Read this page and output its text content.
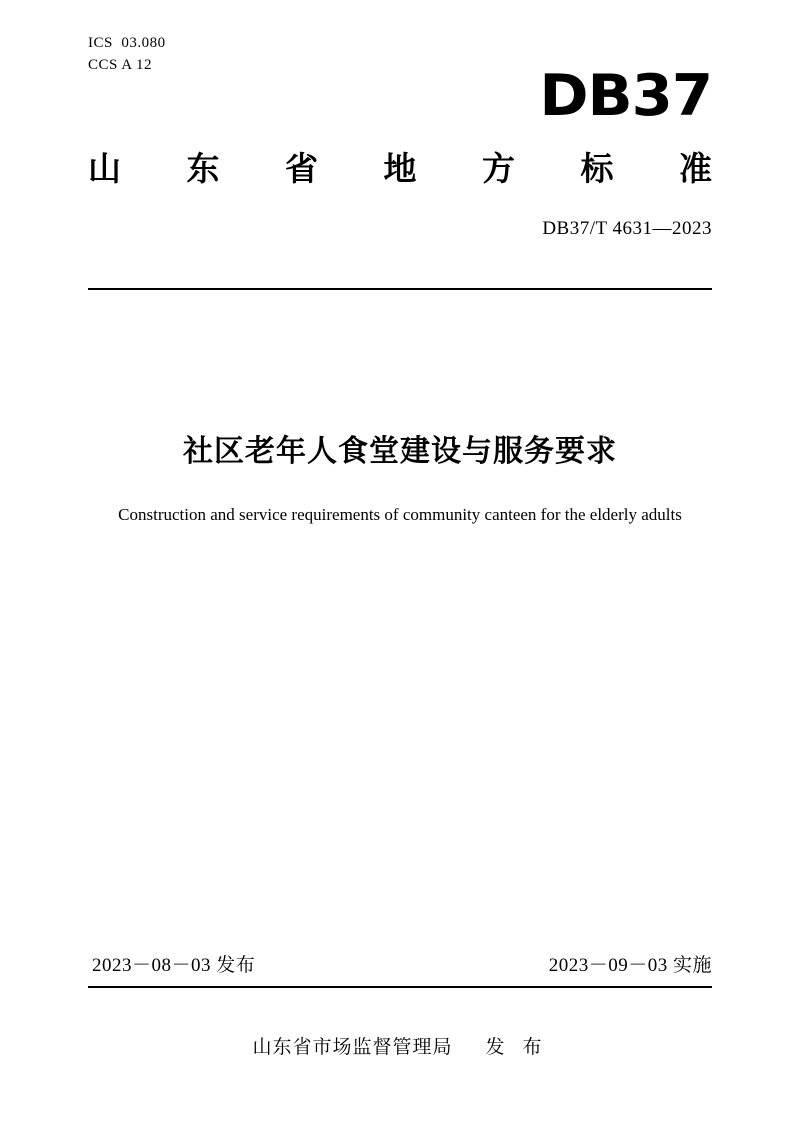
ICS  03.080
CCS A 12	DB37
山 东 省 地 方 标 准
DB37/T 4631—2023
社区老年人食堂建设与服务要求
Construction and service requirements of community canteen for the elderly adults
2023－08－03 发布	2023－09－03 实施
山东省市场监督管理局 发 布
